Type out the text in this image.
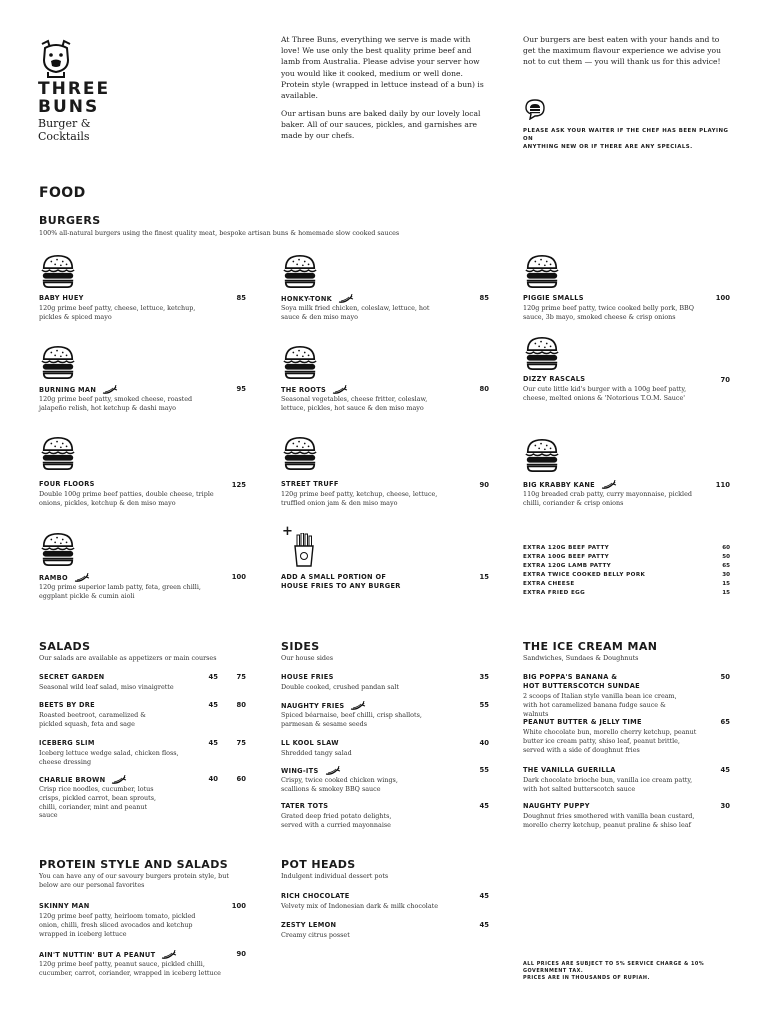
THREE
BUNS
Burger &
Cocktails
At Three Buns, everything we serve is made with love! We use only the best quality prime beef and lamb from Australia. Please advise your server how you would like it cooked, medium or well done. Protein style (wrapped in lettuce instead of a bun) is available.
Our artisan buns are baked daily by our lovely local baker. All of our sauces, pickles, and garnishes are made by our chefs.
Our burgers are best eaten with your hands and to get the maximum flavour experience we advise you not to cut them — you will thank us for this advice!
PLEASE ASK YOUR WAITER IF THE CHEF HAS BEEN PLAYING ON
ANYTHING NEW OR IF THERE ARE ANY SPECIALS.
FOOD
BURGERS
100% all-natural burgers using the finest quality meat, bespoke artisan buns & homemade slow cooked sauces
BABY HUEY	85
120g prime beef patty, cheese, lettuce, ketchup, pickles & spiced mayo
HONKY-TONK	85
Soya milk fried chicken, coleslaw, lettuce, hot sauce & den miso mayo
PIGGIE SMALLS	100
120g prime beef patty, twice cooked belly pork, BBQ sauce, 3b mayo, smoked cheese & crisp onions
BURNING MAN	95
120g prime beef patty, smoked cheese, roasted jalapeño relish, hot ketchup & dashi mayo
THE ROOTS	80
Seasonal vegetables, cheese fritter, coleslaw, lettuce, pickles, hot sauce & den miso mayo
DIZZY RASCALS	70
Our cute little kid's burger with a 100g beef patty, cheese, melted onions & 'Notorious T.O.M. Sauce'
FOUR FLOORS	125
Double 100g prime beef patties, double cheese, triple onions, pickles, ketchup & den miso mayo
STREET TRUFF	90
120g prime beef patty, ketchup, cheese, lettuce, truffled onion jam & den miso mayo
BIG KRABBY KANE	110
110g breaded crab patty, curry mayonnaise, pickled chilli, coriander & crisp onions
RAMBO	100
120g prime superior lamb patty, feta, green chilli, eggplant pickle & cumin aioli
+
ADD A SMALL PORTION OF
HOUSE FRIES TO ANY BURGER
15
EXTRA 120G BEEF PATTY	60
EXTRA 100G BEEF PATTY	50
EXTRA 120G LAMB PATTY	65
EXTRA TWICE COOKED BELLY PORK	30
EXTRA CHEESE	15
EXTRA FRIED EGG	15
SALADS
Our salads are available as appetizers or main courses
SECRET GARDEN	45	75
Seasonal wild leaf salad, miso vinaigrette
BEETS BY DRE	45	80
Roasted beetroot, caramelized & pickled squash, feta and sage
ICEBERG SLIM	45	75
Iceberg lettuce wedge salad, chicken floss, cheese dressing
CHARLIE BROWN	40	60
Crisp rice noodles, cucumber, lotus crisps, pickled carrot, bean sprouts, chilli, coriander, mint and peanut sauce
SIDES
Our house sides
HOUSE FRIES	35
Double cooked, crushed pandan salt
NAUGHTY FRIES	55
Spiced béarnaise, beef chilli, crisp shallots, parmesan & sesame seeds
LL KOOL SLAW	40
Shredded tangy salad
WING-ITS	55
Crispy, twice cooked chicken wings, scallions & smokey BBQ sauce
TATER TOTS	45
Grated deep fried potato delights, served with a curried mayonnaise
THE ICE CREAM MAN
Sandwiches, Sundaes & Doughnuts
BIG POPPA'S BANANA &
HOT BUTTERSCOTCH SUNDAE
50
2 scoops of Italian style vanilla bean ice cream, with hot caramelized banana fudge sauce & walnuts
PEANUT BUTTER & JELLY TIME	65
White chocolate bun, morello cherry ketchup, peanut butter ice cream patty, shiso leaf, peanut brittle, served with a side of doughnut fries
THE VANILLA GUERILLA	45
Dark chocolate brioche bun, vanilla ice cream patty, with hot salted butterscotch sauce
NAUGHTY PUPPY	30
Doughnut fries smothered with vanilla bean custard, morello cherry ketchup, peanut praline & shiso leaf
PROTEIN STYLE AND SALADS
You can have any of our savoury burgers protein style, but below are our personal favorites
SKINNY MAN	100
120g prime beef patty, heirloom tomato, pickled onion, chilli, fresh sliced avocados and ketchup wrapped in iceberg lettuce
AIN'T NUTTIN' BUT A PEANUT	90
120g prime beef patty, peanut sauce, pickled chilli, cucumber, carrot, coriander, wrapped in iceberg lettuce
POT HEADS
Indulgent individual dessert pots
RICH CHOCOLATE	45
Velvety mix of Indonesian dark & milk chocolate
ZESTY LEMON	45
Creamy citrus posset
ALL PRICES ARE SUBJECT TO 5% SERVICE CHARGE & 10% GOVERNMENT TAX.
PRICES ARE IN THOUSANDS OF RUPIAH.
